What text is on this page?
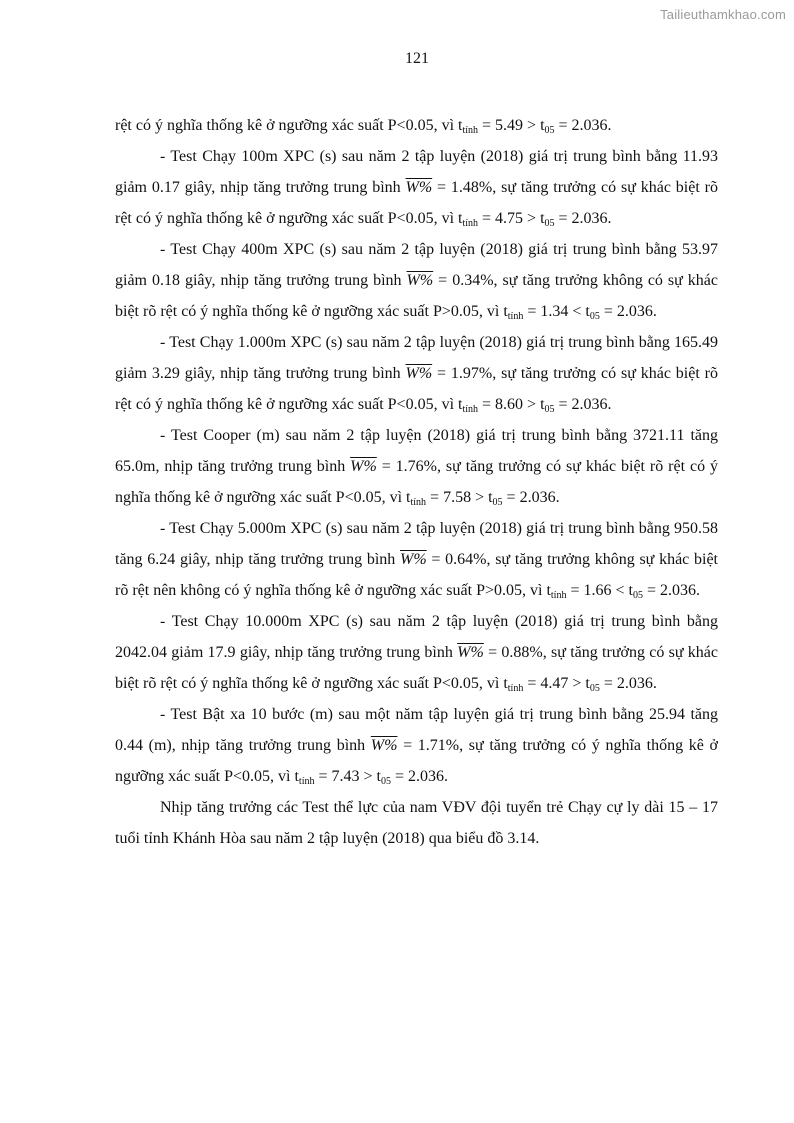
Tailieuthamkhao.com
121

rệt có ý nghĩa thống kê ở ngưỡng xác suất P<0.05, vì $t_{tính} = 5.49 > t_{05} = 2.036$.

- Test Chạy 100m XPC (s) sau năm 2 tập luyện (2018) giá trị trung bình bằng 11.93 giảm 0.17 giây, nhịp tăng trưởng trung bình W% = 1.48%, sự tăng trưởng có sự khác biệt rõ rệt có ý nghĩa thống kê ở ngưỡng xác suất P<0.05, vì $t_{tính} = 4.75 > t_{05} = 2.036$.

- Test Chạy 400m XPC (s) sau năm 2 tập luyện (2018) giá trị trung bình bằng 53.97 giảm 0.18 giây, nhịp tăng trưởng trung bình W% = 0.34%, sự tăng trưởng không có sự khác biệt rõ rệt có ý nghĩa thống kê ở ngưỡng xác suất P>0.05, vì $t_{tính} = 1.34 < t_{05} = 2.036$.

- Test Chạy 1.000m XPC (s) sau năm 2 tập luyện (2018) giá trị trung bình bằng 165.49 giảm 3.29 giây, nhịp tăng trưởng trung bình W% = 1.97%, sự tăng trưởng có sự khác biệt rõ rệt có ý nghĩa thống kê ở ngưỡng xác suất P<0.05, vì $t_{tính} = 8.60 > t_{05} = 2.036$.

- Test Cooper (m) sau năm 2 tập luyện (2018) giá trị trung bình bằng 3721.11 tăng 65.0m, nhịp tăng trưởng trung bình W% = 1.76%, sự tăng trưởng có sự khác biệt rõ rệt có ý nghĩa thống kê ở ngưỡng xác suất P<0.05, vì $t_{tính} = 7.58 > t_{05} = 2.036$.

- Test Chạy 5.000m XPC (s) sau năm 2 tập luyện (2018) giá trị trung bình bằng 950.58 tăng 6.24 giây, nhịp tăng trưởng trung bình W% = 0.64%, sự tăng trưởng không sự khác biệt rõ rệt nên không có ý nghĩa thống kê ở ngưỡng xác suất P>0.05, vì $t_{tính} = 1.66 < t_{05} = 2.036$.

- Test Chạy 10.000m XPC (s) sau năm 2 tập luyện (2018) giá trị trung bình bằng 2042.04 giảm 17.9 giây, nhịp tăng trưởng trung bình W% = 0.88%, sự tăng trưởng có sự khác biệt rõ rệt có ý nghĩa thống kê ở ngưỡng xác suất P<0.05, vì $t_{tính} = 4.47 > t_{05} = 2.036$.

- Test Bật xa 10 bước (m) sau một năm tập luyện giá trị trung bình bằng 25.94 tăng 0.44 (m), nhịp tăng trưởng trung bình W% = 1.71%, sự tăng trưởng có ý nghĩa thống kê ở ngưỡng xác suất P<0.05, vì $t_{tính} = 7.43 > t_{05} = 2.036$.

Nhịp tăng trưởng các Test thể lực của nam VĐV đội tuyển trẻ Chạy cự ly dài 15 – 17 tuổi tỉnh Khánh Hòa sau năm 2 tập luyện (2018) qua biểu đồ 3.14.
